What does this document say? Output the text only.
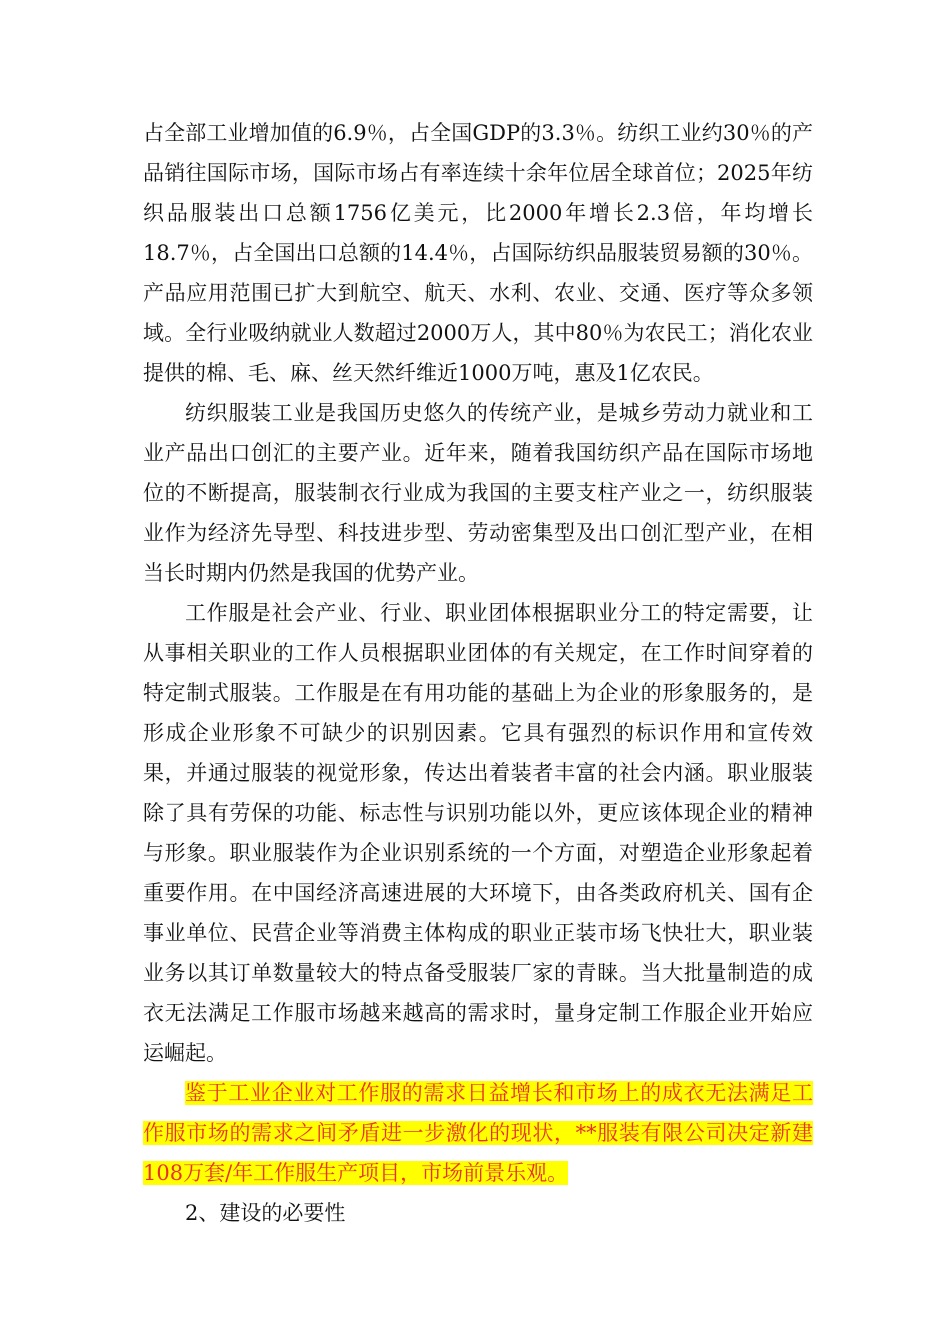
占全部工业增加值的6.9％，占全国GDP的3.3％。纺织工业约30％的产品销往国际市场，国际市场占有率连续十余年位居全球首位；2025年纺织品服装出口总额1756亿美元，比2000年增长2.3倍，年均增长18.7％，占全国出口总额的14.4％，占国际纺织品服装贸易额的30％。产品应用范围已扩大到航空、航天、水利、农业、交通、医疗等众多领域。全行业吸纳就业人数超过2000万人，其中80％为农民工；消化农业提供的棉、毛、麻、丝天然纤维近1000万吨，惠及1亿农民。

纺织服装工业是我国历史悠久的传统产业，是城乡劳动力就业和工业产品出口创汇的主要产业。近年来，随着我国纺织产品在国际市场地位的不断提高，服装制衣行业成为我国的主要支柱产业之一，纺织服装业作为经济先导型、科技进步型、劳动密集型及出口创汇型产业，在相当长时期内仍然是我国的优势产业。

工作服是社会产业、行业、职业团体根据职业分工的特定需要，让从事相关职业的工作人员根据职业团体的有关规定，在工作时间穿着的特定制式服装。工作服是在有用功能的基础上为企业的形象服务的，是形成企业形象不可缺少的识别因素。它具有强烈的标识作用和宣传效果，并通过服装的视觉形象，传达出着装者丰富的社会内涵。职业服装除了具有劳保的功能、标志性与识别功能以外，更应该体现企业的精神与形象。职业服装作为企业识别系统的一个方面，对塑造企业形象起着重要作用。在中国经济高速进展的大环境下，由各类政府机关、国有企事业单位、民营企业等消费主体构成的职业正装市场飞快壮大，职业装业务以其订单数量较大的特点备受服装厂家的青睐。当大批量制造的成衣无法满足工作服市场越来越高的需求时，量身定制工作服企业开始应运崛起。

鉴于工业企业对工作服的需求日益增长和市场上的成衣无法满足工作服市场的需求之间矛盾进一步激化的现状，**服装有限公司决定新建108万套/年工作服生产项目，市场前景乐观。

2、建设的必要性
